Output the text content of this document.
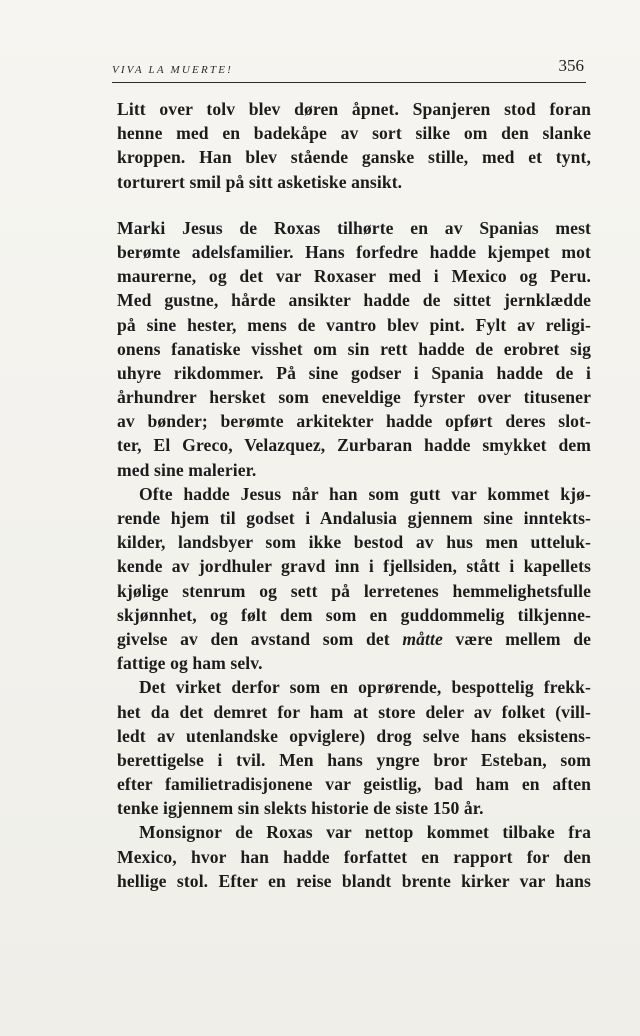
VIVA LA MUERTE!	356
Litt over tolv blev døren åpnet. Spanjeren stod foran
henne med en badekåpe av sort silke om den slanke
kroppen. Han blev stående ganske stille, med et tynt,
torturert smil på sitt asketiske ansikt.
Marki Jesus de Roxas tilhørte en av Spanias mest
berømte adelsfamilier. Hans forfedre hadde kjempet mot
maurerne, og det var Roxaser med i Mexico og Peru.
Med gustne, hårde ansikter hadde de sittet jernklædde
på sine hester, mens de vantro blev pint. Fylt av religi-
onens fanatiske visshet om sin rett hadde de erobret sig
uhyre rikdommer. På sine godser i Spania hadde de i
århundrer hersket som eneveldige fyrster over titusener
av bønder; berømte arkitekter hadde opført deres slot-
ter, El Greco, Velazquez, Zurbaran hadde smykket dem
med sine malerier.
Ofte hadde Jesus når han som gutt var kommet kjø-
rende hjem til godset i Andalusia gjennem sine inntekts-
kilder, landsbyer som ikke bestod av hus men utteluk-
kende av jordhuler gravd inn i fjellsiden, stått i kapellets
kjølige stenrum og sett på lerretenes hemmelighetsfulle
skjønnhet, og følt dem som en guddommelig tilkjenne-
givelse av den avstand som det måtte være mellem de
fattige og ham selv.
Det virket derfor som en oprørende, bespottelig frekk-
het da det demret for ham at store deler av folket (vill-
ledt av utenlandske opviglere) drog selve hans eksistens-
berettigelse i tvil. Men hans yngre bror Esteban, som
efter familietradisjonene var geistlig, bad ham en aften
tenke igjennem sin slekts historie de siste 150 år.
Monsignor de Roxas var nettop kommet tilbake fra
Mexico, hvor han hadde forfattet en rapport for den
hellige stol. Efter en reise blandt brente kirker var hans
